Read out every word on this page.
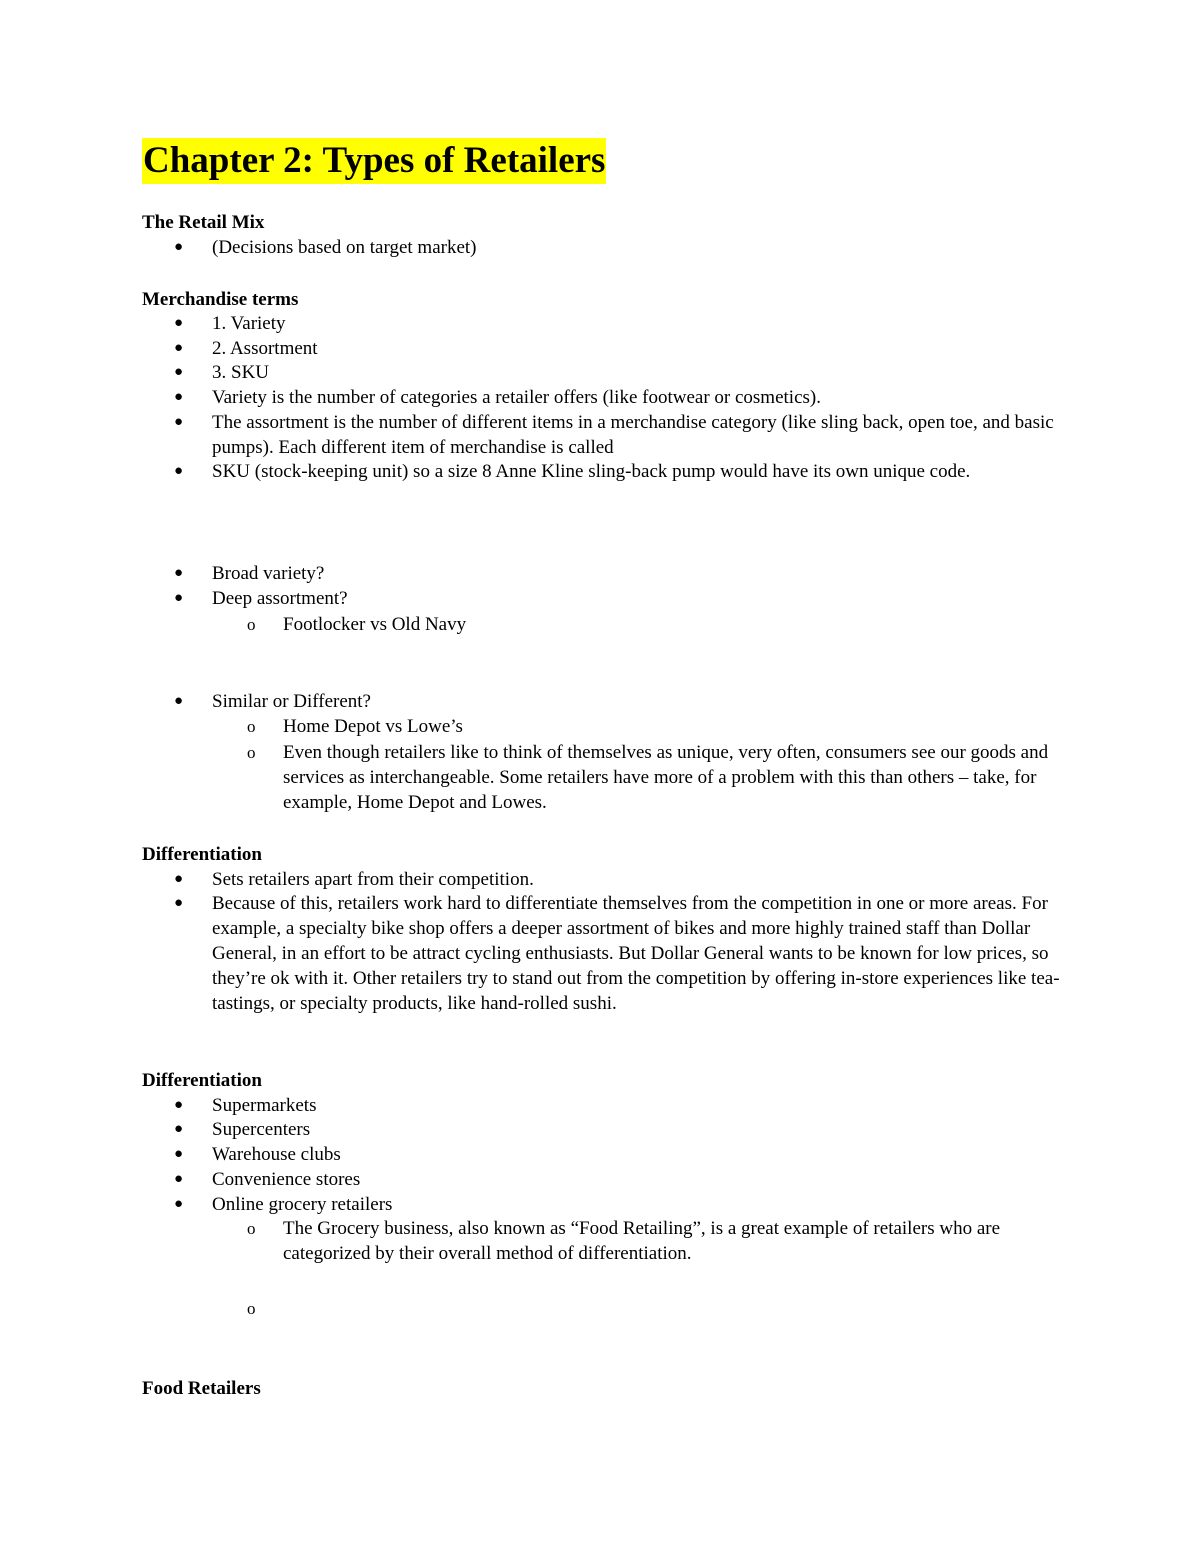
Chapter 2: Types of Retailers
The Retail Mix
● (Decisions based on target market)
Merchandise terms
● 1. Variety
● 2. Assortment
● 3. SKU
● Variety is the number of categories a retailer offers (like footwear or cosmetics).
● The assortment is the number of different items in a merchandise category (like sling back, open toe, and basic pumps). Each different item of merchandise is called
● SKU (stock-keeping unit) so a size 8 Anne Kline sling-back pump would have its own unique code.
● Broad variety?
● Deep assortment?
o Footlocker vs Old Navy
● Similar or Different?
o Home Depot vs Lowe’s
o Even though retailers like to think of themselves as unique, very often, consumers see our goods and services as interchangeable. Some retailers have more of a problem with this than others – take, for example, Home Depot and Lowes.
Differentiation
● Sets retailers apart from their competition.
● Because of this, retailers work hard to differentiate themselves from the competition in one or more areas. For example, a specialty bike shop offers a deeper assortment of bikes and more highly trained staff than Dollar General, in an effort to be attract cycling enthusiasts. But Dollar General wants to be known for low prices, so they’re ok with it. Other retailers try to stand out from the competition by offering in-store experiences like tea-tastings, or specialty products, like hand-rolled sushi.
Differentiation
● Supermarkets
● Supercenters
● Warehouse clubs
● Convenience stores
● Online grocery retailers
o The Grocery business, also known as “Food Retailing”, is a great example of retailers who are categorized by their overall method of differentiation.
o
Food Retailers
